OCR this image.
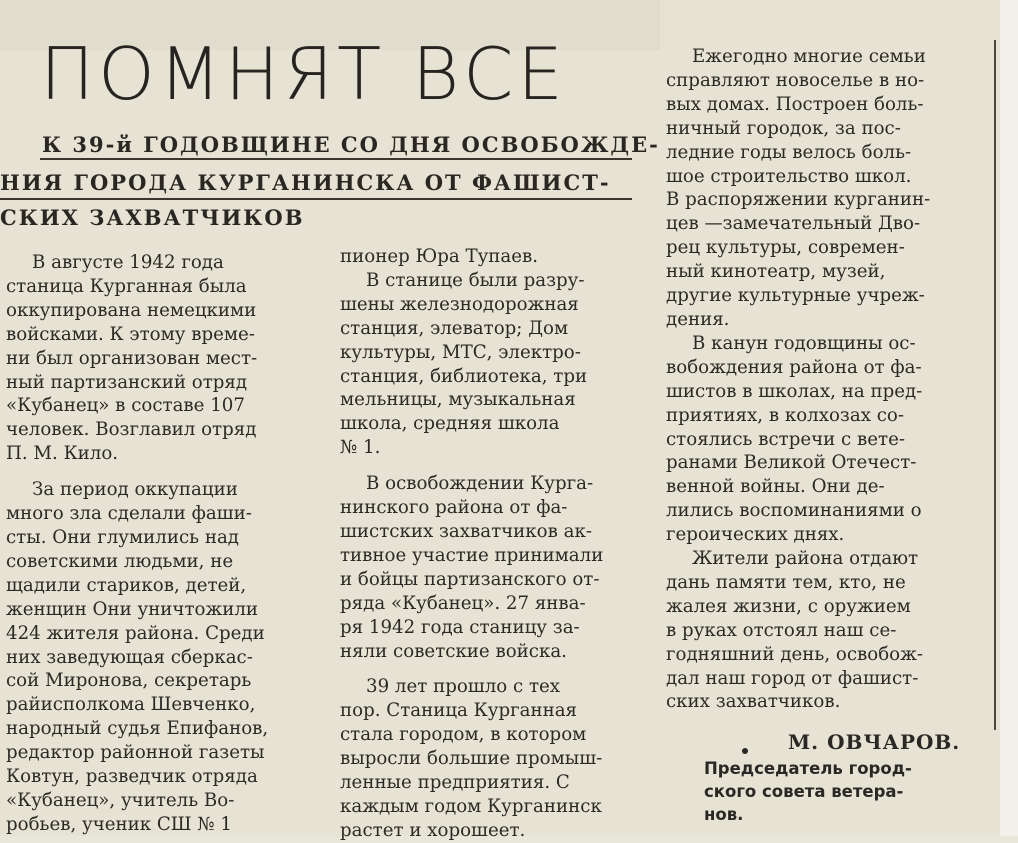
ПОМНЯТ ВСЕ
К 39-й ГОДОВЩИНЕ СО ДНЯ ОСВОБОЖДЕ-
НИЯ ГОРОДА КУРГАНИНСКА ОТ ФАШИСТ-
СКИХ ЗАХВАТЧИКОВ
В августе 1942 года
станица Курганная была
оккупирована немецкими
войсками. К этому време-
ни был организован мест-
ный партизанский отряд
«Кубанец» в составе 107
человек. Возглавил отряд
П. М. Кило.
За период оккупации
много зла сделали фаши-
сты. Они глумились над
советскими людьми, не
щадили стариков, детей,
женщин Они уничтожили
424 жителя района. Среди
них заведующая сберкас-
сой Миронова, секретарь
райисполкома Шевченко,
народный судья Епифанов,
редактор районной газеты
Ковтун, разведчик отряда
«Кубанец», учитель Во-
робьев, ученик СШ № 1
пионер Юра Тупаев.
В станице были разру-
шены железнодорожная
станция, элеватор; Дом
культуры, МТС, электро-
станция, библиотека, три
мельницы, музыкальная
школа, средняя школа
№ 1.
В освобождении Курга-
нинского района от фа-
шистских захватчиков ак-
тивное участие принимали
и бойцы партизанского от-
ряда «Кубанец». 27 янва-
ря 1942 года станицу за-
няли советские войска.
39 лет прошло с тех
пор. Станица Курганная
стала городом, в котором
выросли большие промыш-
ленные предприятия. С
каждым годом Курганинск
растет и хорошеет.
Ежегодно многие семьи
справляют новоселье в но-
вых домах. Построен боль-
ничный городок, за пос-
ледние годы велось боль-
шое строительство школ.
В распоряжении курганин-
цев —замечательный Дво-
рец культуры, современ-
ный кинотеатр, музей,
другие культурные учреж-
дения.
В канун годовщины ос-
вобождения района от фа-
шистов в школах, на пред-
приятиях, в колхозах со-
стоялись встречи с вете-
ранами Великой Отечест-
венной войны. Они де-
лились воспоминаниями о
героических днях.
Жители района отдают
дань памяти тем, кто, не
жалея жизни, с оружием
в руках отстоял наш се-
годняшний день, освобож-
дал наш город от фашист-
ских захватчиков.
М. ОВЧАРОВ.
Председатель город-
ского совета ветера-
нов.
